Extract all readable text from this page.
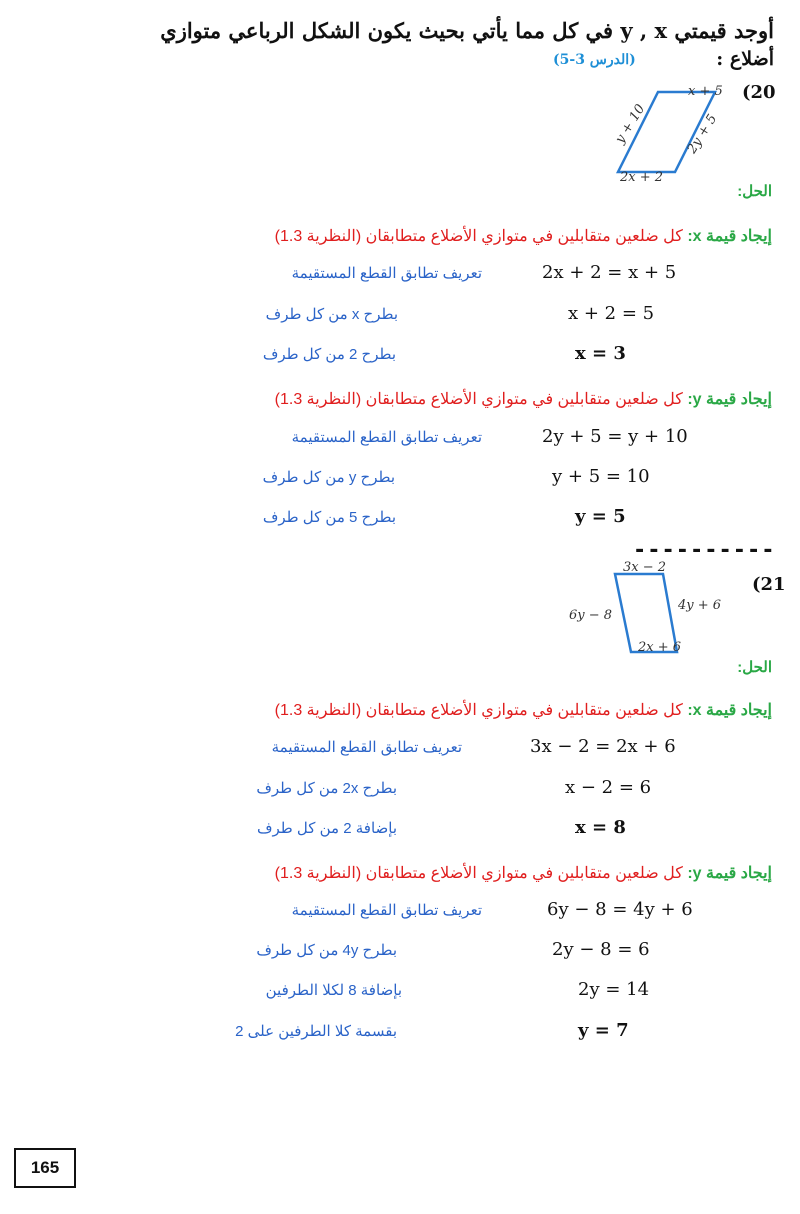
أوجد قيمتي y , x في كل مما يأتي بحيث يكون الشكل الرباعي متوازي
أضلاع :
(الدرس 3-5)
(20
x + 5
y + 10	2y + 5
2x + 2
الحل:
إيجاد قيمة x: كل ضلعين متقابلين في متوازي الأضلاع متطابقان (النظرية 1.3)
2x + 2 = x + 5
تعريف تطابق القطع المستقيمة
x + 2 = 5
بطرح x من كل طرف
x = 3
بطرح 2 من كل طرف
إيجاد قيمة y: كل ضلعين متقابلين في متوازي الأضلاع متطابقان (النظرية 1.3)
2y + 5 = y + 10
تعريف تطابق القطع المستقيمة
y + 5 = 10
بطرح y من كل طرف
y = 5
بطرح 5 من كل طرف
----------
(21
3x − 2
6y − 8
4y + 6
2x + 6
الحل:
إيجاد قيمة x: كل ضلعين متقابلين في متوازي الأضلاع متطابقان (النظرية 1.3)
3x − 2 = 2x + 6
تعريف تطابق القطع المستقيمة
x − 2 = 6
بطرح 2x من كل طرف
x = 8
بإضافة 2 من كل طرف
إيجاد قيمة y: كل ضلعين متقابلين في متوازي الأضلاع متطابقان (النظرية 1.3)
6y − 8 = 4y + 6
تعريف تطابق القطع المستقيمة
2y − 8 = 6
بطرح 4y من كل طرف
2y = 14
بإضافة 8 لكلا الطرفين
y = 7
بقسمة كلا الطرفين على 2
165
